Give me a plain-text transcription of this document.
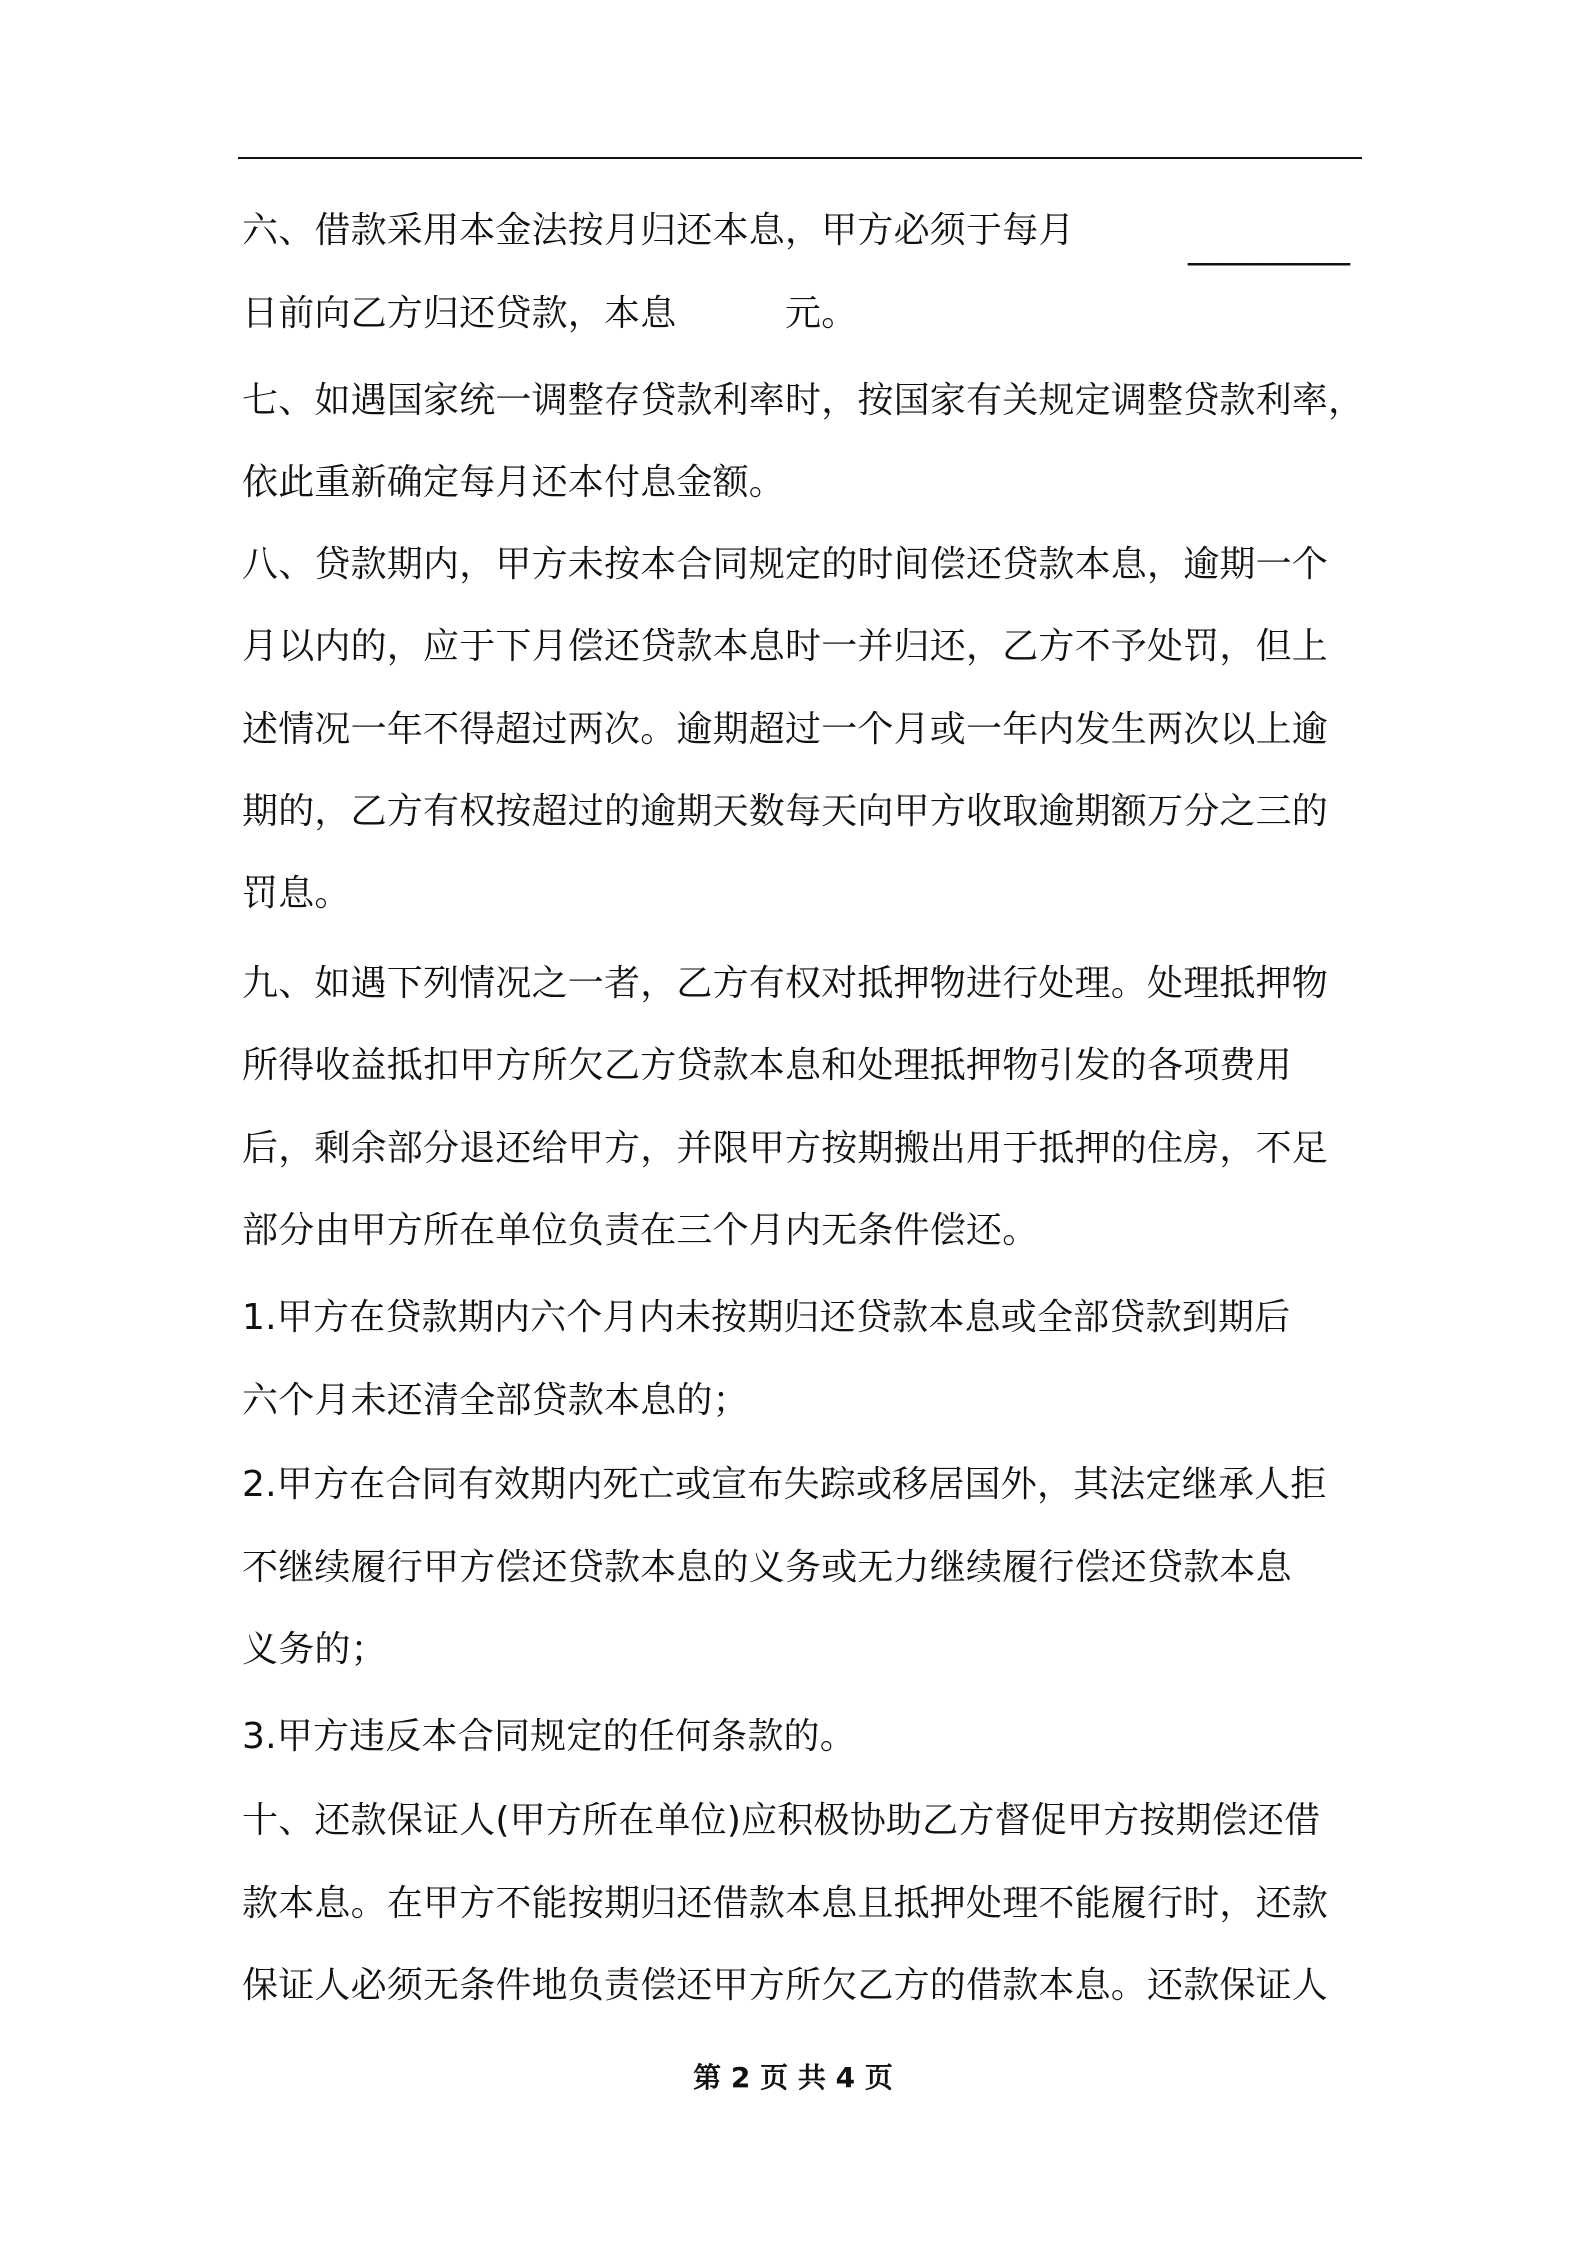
六、借款采用本金法按月归还本息，甲方必须于每月	_________
日前向乙方归还贷款，本息　　　元。
七、如遇国家统一调整存贷款利率时，按国家有关规定调整贷款利率，
依此重新确定每月还本付息金额。
八、贷款期内，甲方未按本合同规定的时间偿还贷款本息，逾期一个
月以内的，应于下月偿还贷款本息时一并归还，乙方不予处罚，但上
述情况一年不得超过两次。逾期超过一个月或一年内发生两次以上逾
期的，乙方有权按超过的逾期天数每天向甲方收取逾期额万分之三的
罚息。
九、如遇下列情况之一者，乙方有权对抵押物进行处理。处理抵押物
所得收益抵扣甲方所欠乙方贷款本息和处理抵押物引发的各项费用
后，剩余部分退还给甲方，并限甲方按期搬出用于抵押的住房，不足
部分由甲方所在单位负责在三个月内无条件偿还。
1.甲方在贷款期内六个月内未按期归还贷款本息或全部贷款到期后
六个月未还清全部贷款本息的；
2.甲方在合同有效期内死亡或宣布失踪或移居国外，其法定继承人拒
不继续履行甲方偿还贷款本息的义务或无力继续履行偿还贷款本息
义务的；
3.甲方违反本合同规定的任何条款的。
十、还款保证人(甲方所在单位)应积极协助乙方督促甲方按期偿还借
款本息。在甲方不能按期归还借款本息且抵押处理不能履行时，还款
保证人必须无条件地负责偿还甲方所欠乙方的借款本息。还款保证人
第 2 页 共 4 页
